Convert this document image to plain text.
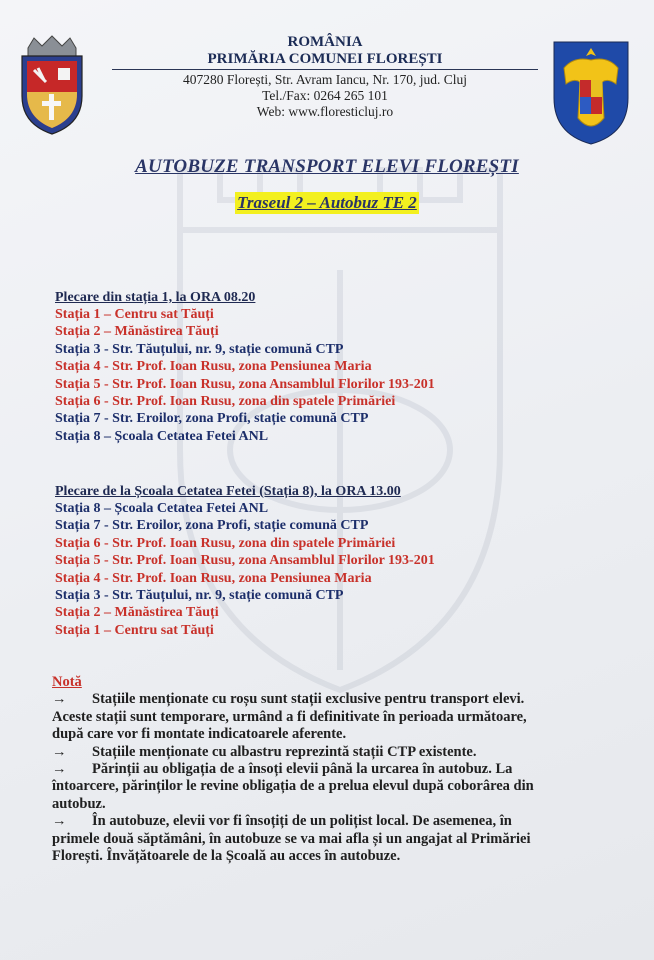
ROMÂNIA
PRIMĂRIA COMUNEI FLOREȘTI
407280 Florești, Str. Avram Iancu, Nr. 170, jud. Cluj
Tel./Fax: 0264 265 101
Web: www.floresticluj.ro
AUTOBUZE TRANSPORT ELEVI FLOREȘTI
Traseul 2 – Autobuz TE 2
Plecare din stația 1, la ORA 08.20
Stația 1 – Centru sat Tăuți
Stația 2 – Mănăstirea Tăuți
Stația 3 - Str. Tăuțului, nr. 9, stație comună CTP
Stația 4 - Str. Prof. Ioan Rusu, zona Pensiunea Maria
Stația 5 - Str. Prof. Ioan Rusu, zona Ansamblul Florilor 193-201
Stația 6 - Str. Prof. Ioan Rusu, zona din spatele Primăriei
Stația 7 - Str. Eroilor, zona Profi, stație comună CTP
Stația 8 – Școala Cetatea Fetei ANL
Plecare de la Școala Cetatea Fetei (Stația 8), la ORA 13.00
Stația 8 – Școala Cetatea Fetei ANL
Stația 7 - Str. Eroilor, zona Profi, stație comună CTP
Stația 6 - Str. Prof. Ioan Rusu, zona din spatele Primăriei
Stația 5 - Str. Prof. Ioan Rusu, zona Ansamblul Florilor 193-201
Stația 4 - Str. Prof. Ioan Rusu, zona Pensiunea Maria
Stația 3 - Str. Tăuțului, nr. 9, stație comună CTP
Stația 2 – Mănăstirea Tăuți
Stația 1 – Centru sat Tăuți
Notă
→ Stațiile menționate cu roșu sunt stații exclusive pentru transport elevi.
Aceste stații sunt temporare, urmând a fi definitivate în perioada următoare,
după care vor fi montate indicatoarele aferente.
→ Stațiile menționate cu albastru reprezintă stații CTP existente.
→ Părinții au obligația de a însoți elevii până la urcarea în autobuz. La
întoarcere, părinților le revine obligația de a prelua elevul după coborârea din
autobuz.
→ În autobuze, elevii vor fi însoțiți de un polițist local. De asemenea, în
primele două săptămâni, în autobuze se va mai afla și un angajat al Primăriei
Florești. Învățătoarele de la Școală au acces în autobuze.
